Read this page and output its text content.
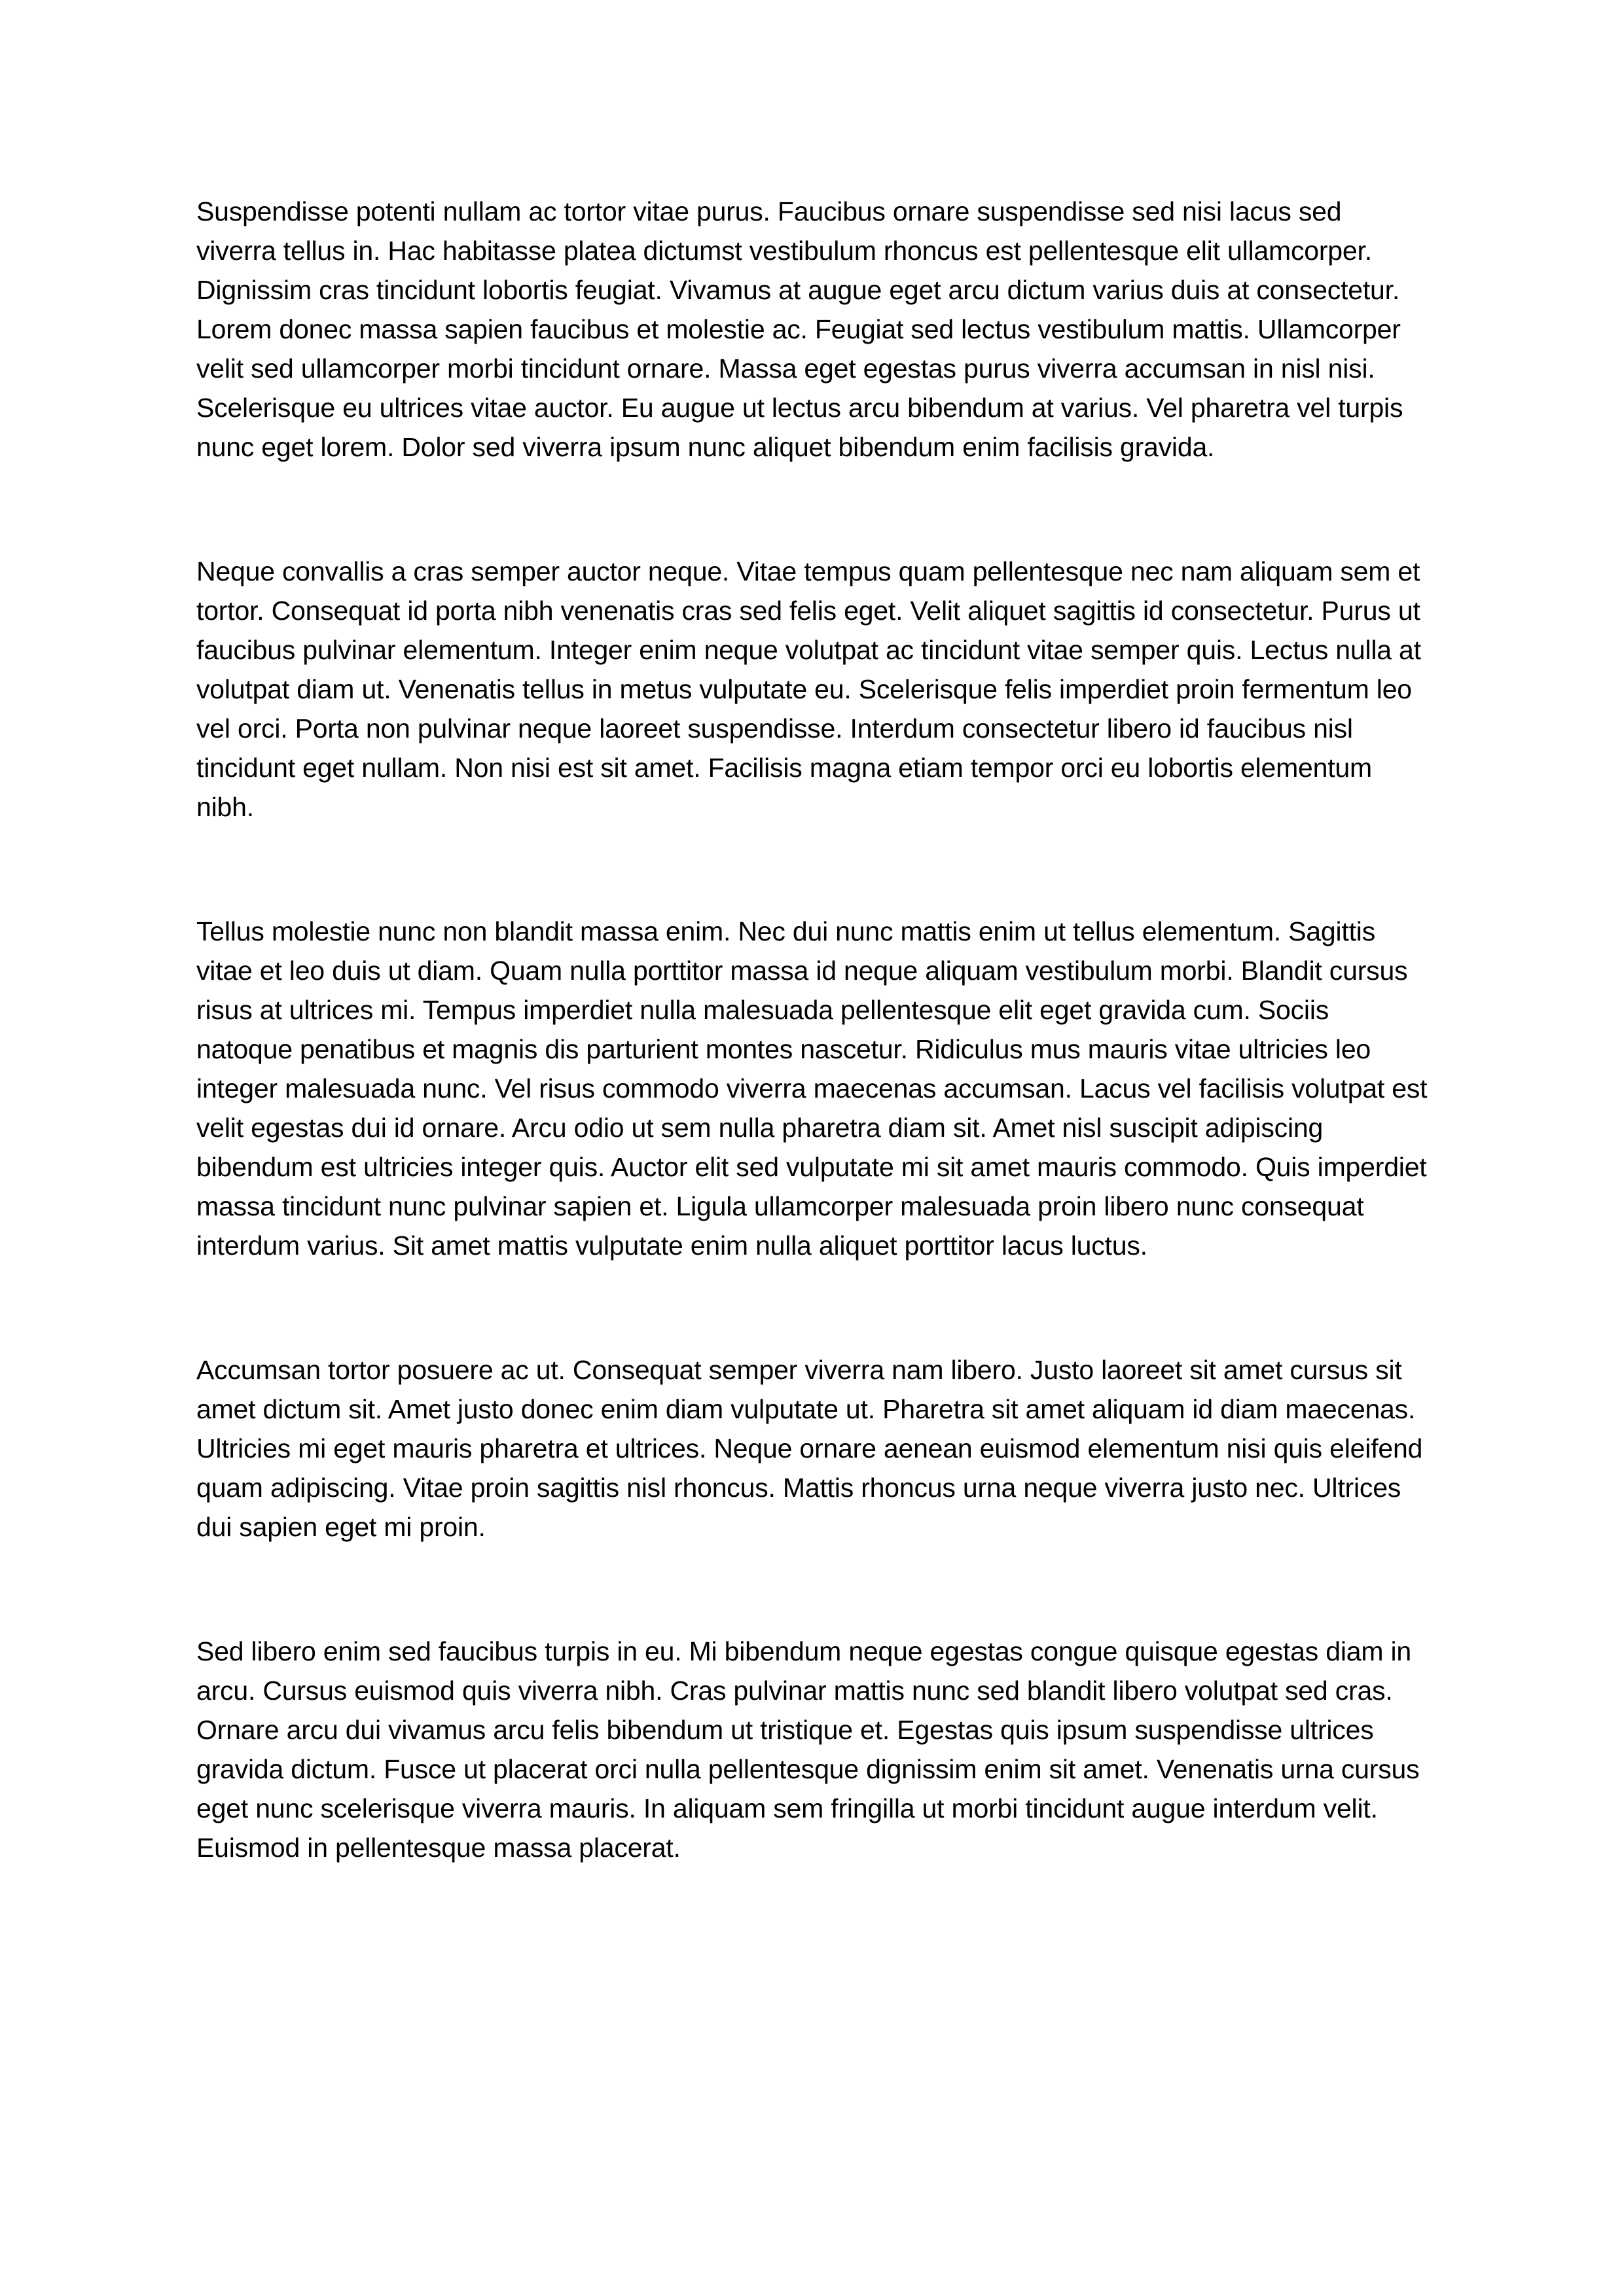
Suspendisse potenti nullam ac tortor vitae purus. Faucibus ornare suspendisse sed nisi lacus sed viverra tellus in. Hac habitasse platea dictumst vestibulum rhoncus est pellentesque elit ullamcorper. Dignissim cras tincidunt lobortis feugiat. Vivamus at augue eget arcu dictum varius duis at consectetur. Lorem donec massa sapien faucibus et molestie ac. Feugiat sed lectus vestibulum mattis. Ullamcorper velit sed ullamcorper morbi tincidunt ornare. Massa eget egestas purus viverra accumsan in nisl nisi. Scelerisque eu ultrices vitae auctor. Eu augue ut lectus arcu bibendum at varius. Vel pharetra vel turpis nunc eget lorem. Dolor sed viverra ipsum nunc aliquet bibendum enim facilisis gravida.

Neque convallis a cras semper auctor neque. Vitae tempus quam pellentesque nec nam aliquam sem et tortor. Consequat id porta nibh venenatis cras sed felis eget. Velit aliquet sagittis id consectetur. Purus ut faucibus pulvinar elementum. Integer enim neque volutpat ac tincidunt vitae semper quis. Lectus nulla at volutpat diam ut. Venenatis tellus in metus vulputate eu. Scelerisque felis imperdiet proin fermentum leo vel orci. Porta non pulvinar neque laoreet suspendisse. Interdum consectetur libero id faucibus nisl tincidunt eget nullam. Non nisi est sit amet. Facilisis magna etiam tempor orci eu lobortis elementum nibh.

Tellus molestie nunc non blandit massa enim. Nec dui nunc mattis enim ut tellus elementum. Sagittis vitae et leo duis ut diam. Quam nulla porttitor massa id neque aliquam vestibulum morbi. Blandit cursus risus at ultrices mi. Tempus imperdiet nulla malesuada pellentesque elit eget gravida cum. Sociis natoque penatibus et magnis dis parturient montes nascetur. Ridiculus mus mauris vitae ultricies leo integer malesuada nunc. Vel risus commodo viverra maecenas accumsan. Lacus vel facilisis volutpat est velit egestas dui id ornare. Arcu odio ut sem nulla pharetra diam sit. Amet nisl suscipit adipiscing bibendum est ultricies integer quis. Auctor elit sed vulputate mi sit amet mauris commodo. Quis imperdiet massa tincidunt nunc pulvinar sapien et. Ligula ullamcorper malesuada proin libero nunc consequat interdum varius. Sit amet mattis vulputate enim nulla aliquet porttitor lacus luctus.

Accumsan tortor posuere ac ut. Consequat semper viverra nam libero. Justo laoreet sit amet cursus sit amet dictum sit. Amet justo donec enim diam vulputate ut. Pharetra sit amet aliquam id diam maecenas. Ultricies mi eget mauris pharetra et ultrices. Neque ornare aenean euismod elementum nisi quis eleifend quam adipiscing. Vitae proin sagittis nisl rhoncus. Mattis rhoncus urna neque viverra justo nec. Ultrices dui sapien eget mi proin.

Sed libero enim sed faucibus turpis in eu. Mi bibendum neque egestas congue quisque egestas diam in arcu. Cursus euismod quis viverra nibh. Cras pulvinar mattis nunc sed blandit libero volutpat sed cras. Ornare arcu dui vivamus arcu felis bibendum ut tristique et. Egestas quis ipsum suspendisse ultrices gravida dictum. Fusce ut placerat orci nulla pellentesque dignissim enim sit amet. Venenatis urna cursus eget nunc scelerisque viverra mauris. In aliquam sem fringilla ut morbi tincidunt augue interdum velit. Euismod in pellentesque massa placerat.
